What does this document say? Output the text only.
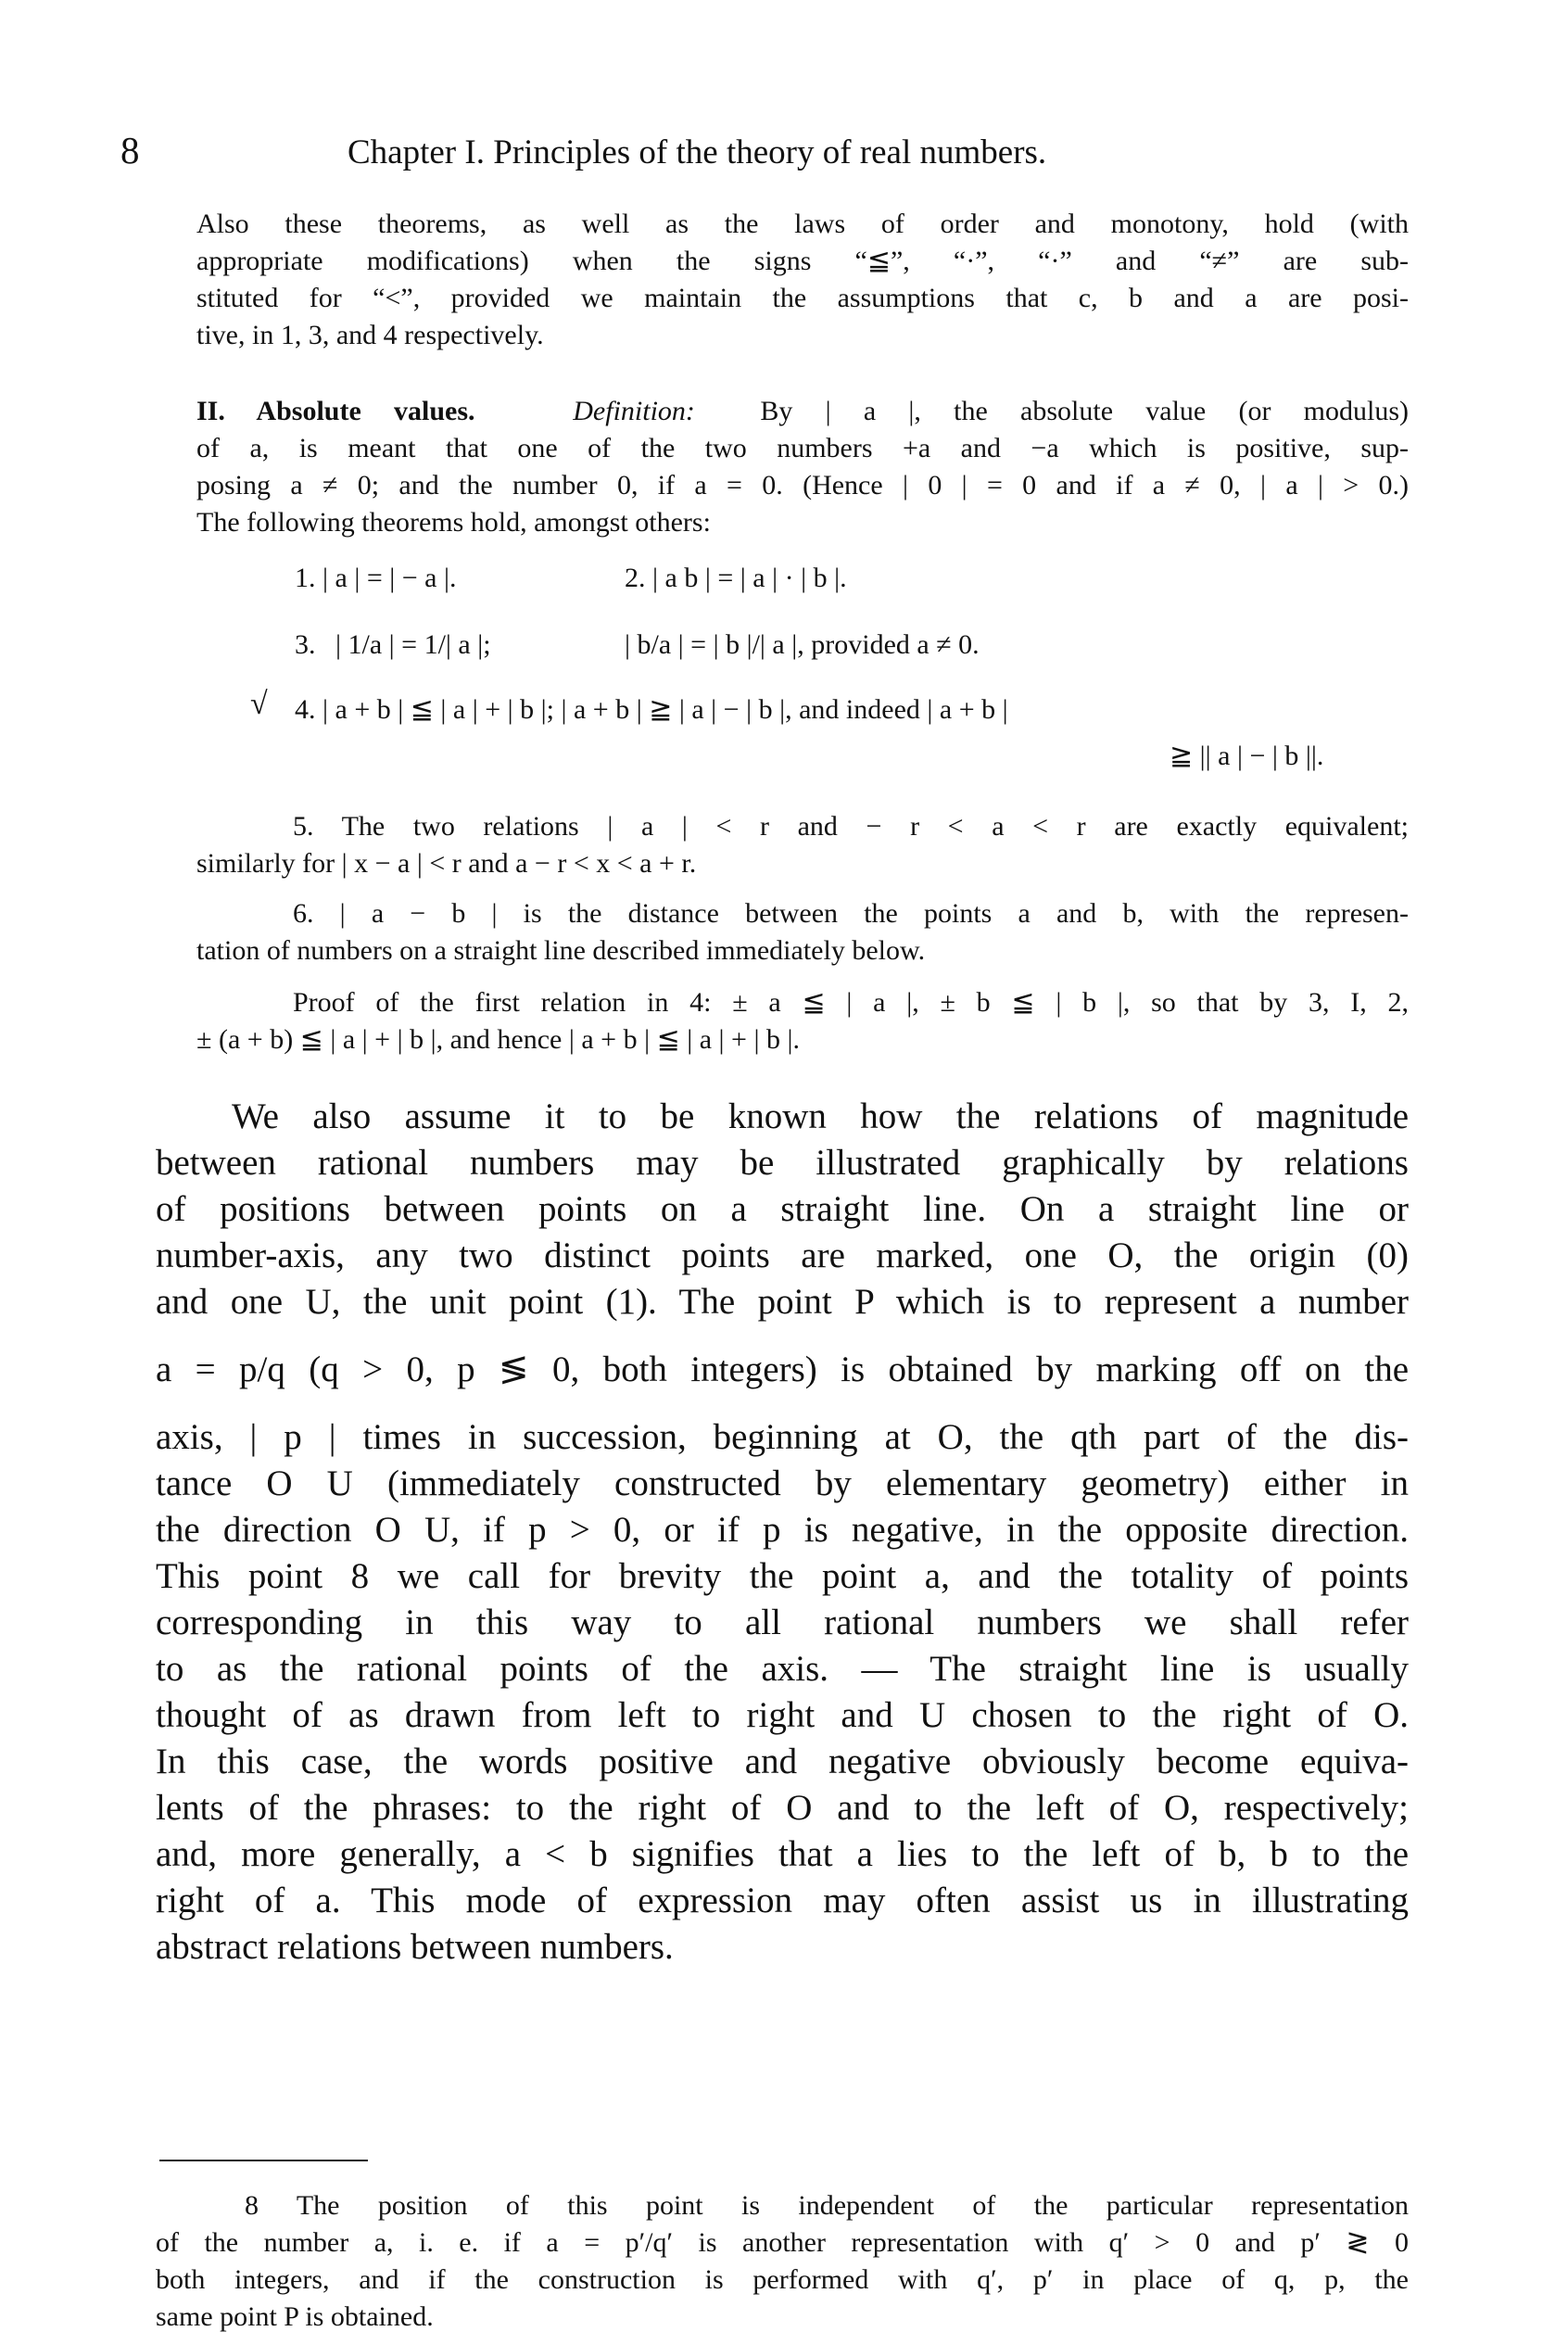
8	Chapter I. Principles of the theory of real numbers.
Also these theorems, as well as the laws of order and monotony, hold (with
appropriate modifications) when the signs “≦”, “·”, “·” and “≠” are sub-
stituted for “<”, provided we maintain the assumptions that c, b and a are posi-
tive, in 1, 3, and 4 respectively.
II. Absolute values.	Definition: By | a |, the absolute value (or modulus)
of a, is meant that one of the two numbers +a and −a which is positive, sup-
posing a ≠ 0; and the number 0, if a = 0. (Hence | 0 | = 0 and if a ≠ 0, | a | > 0.)
The following theorems hold, amongst others:
1. | a | = | − a |.	2. | a b | = | a | · | b |.
3. | 1/a | = 1/| a |;	| b/a | = | b |/| a |, provided a ≠ 0.
√ 4. | a + b | ≦ | a | + | b |; | a + b | ≧ | a | − | b |, and indeed | a + b |
≧ || a | − | b ||.
5. The two relations | a | < r and − r < a < r are exactly equivalent;
similarly for | x − a | < r and a − r < x < a + r.
6. | a − b | is the distance between the points a and b, with the represen-
tation of numbers on a straight line described immediately below.
Proof of the first relation in 4: ± a ≦ | a |, ± b ≦ | b |, so that by 3, I, 2,
± (a + b) ≦ | a | + | b |, and hence | a + b | ≦ | a | + | b |.
We also assume it to be known how the relations of magnitude
between rational numbers may be illustrated graphically by relations
of positions between points on a straight line. On a straight line or
number-axis, any two distinct points are marked, one O, the origin (0)
and one U, the unit point (1). The point P which is to represent a number
a = p/q (q > 0, p ≶ 0, both integers) is obtained by marking off on the
axis, | p | times in succession, beginning at O, the qth part of the dis-
tance O U (immediately constructed by elementary geometry) either in
the direction O U, if p > 0, or if p is negative, in the opposite direction.
This point 8 we call for brevity the point a, and the totality of points
corresponding in this way to all rational numbers we shall refer
to as the rational points of the axis. — The straight line is usually
thought of as drawn from left to right and U chosen to the right of O.
In this case, the words positive and negative obviously become equiva-
lents of the phrases: to the right of O and to the left of O, respectively;
and, more generally, a < b signifies that a lies to the left of b, b to the
right of a. This mode of expression may often assist us in illustrating
abstract relations between numbers.
8 The position of this point is independent of the particular representation
of the number a, i. e. if a = p′/q′ is another representation with q′ > 0 and p′ ≷ 0
both integers, and if the construction is performed with q′, p′ in place of q, p, the
same point P is obtained.
